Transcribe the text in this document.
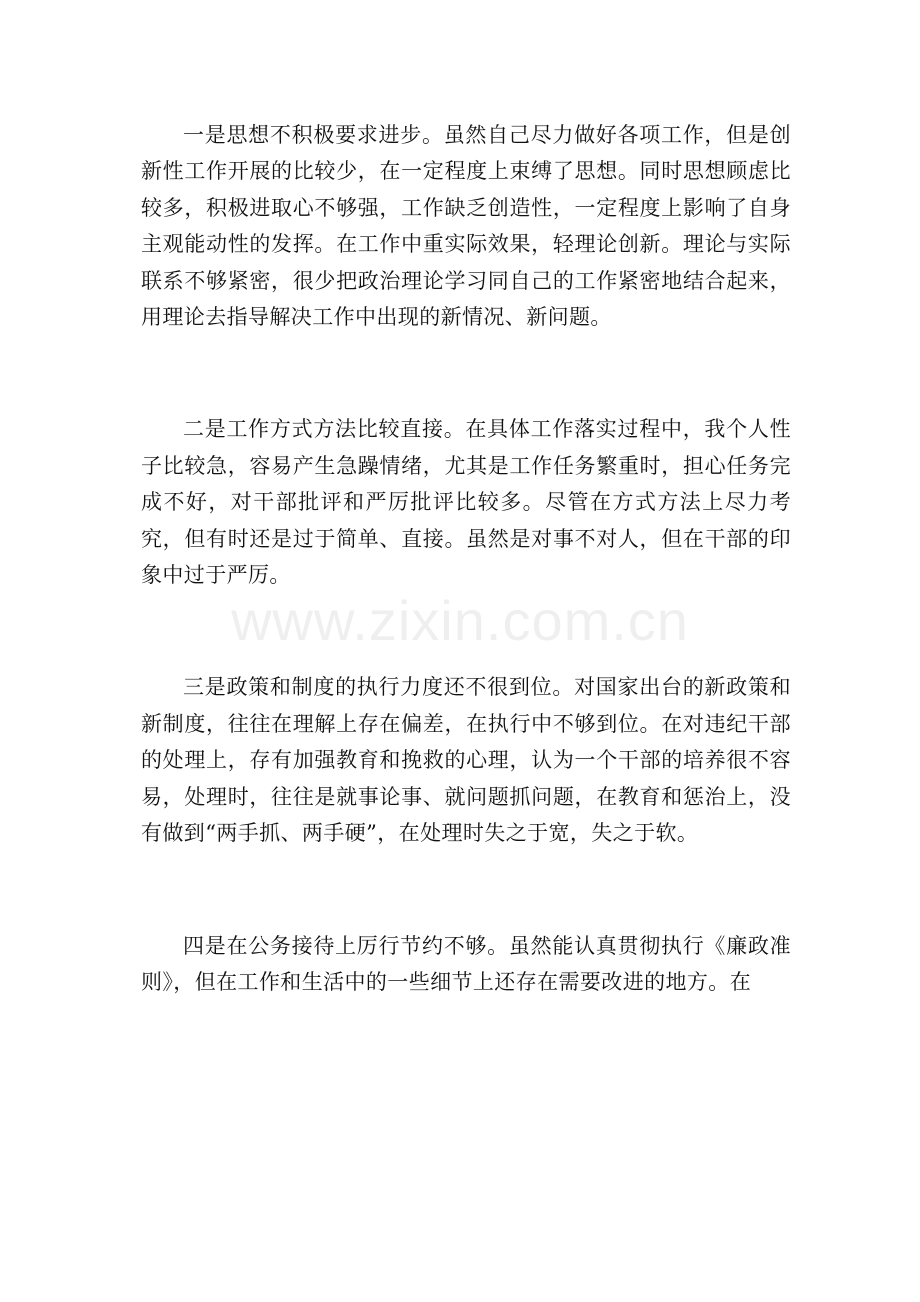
一是思想不积极要求进步。虽然自己尽力做好各项工作，但是创新性工作开展的比较少，在一定程度上束缚了思想。同时思想顾虑比较多，积极进取心不够强，工作缺乏创造性，一定程度上影响了自身主观能动性的发挥。在工作中重实际效果，轻理论创新。理论与实际联系不够紧密，很少把政治理论学习同自己的工作紧密地结合起来，用理论去指导解决工作中出现的新情况、新问题。

二是工作方式方法比较直接。在具体工作落实过程中，我个人性子比较急，容易产生急躁情绪，尤其是工作任务繁重时，担心任务完成不好，对干部批评和严厉批评比较多。尽管在方式方法上尽力考究，但有时还是过于简单、直接。虽然是对事不对人，但在干部的印象中过于严厉。

三是政策和制度的执行力度还不很到位。对国家出台的新政策和新制度，往往在理解上存在偏差，在执行中不够到位。在对违纪干部的处理上，存有加强教育和挽救的心理，认为一个干部的培养很不容易，处理时，往往是就事论事、就问题抓问题，在教育和惩治上，没有做到“两手抓、两手硬”，在处理时失之于宽，失之于软。

四是在公务接待上厉行节约不够。虽然能认真贯彻执行《廉政准则》，但在工作和生活中的一些细节上还存在需要改进的地方。在

www.zixin.com.cn
